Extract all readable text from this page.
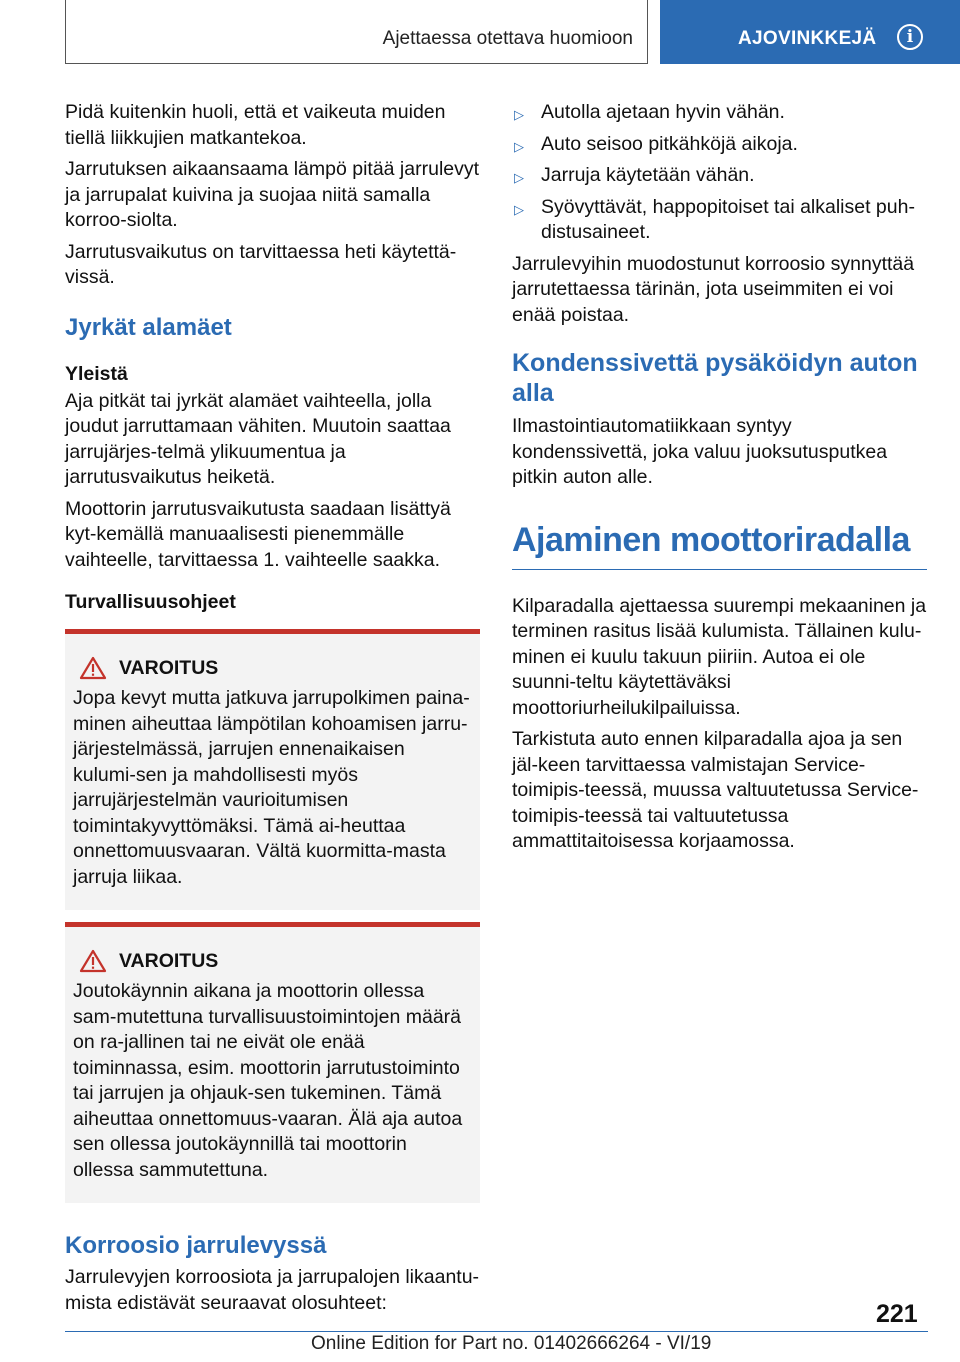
Ajettaessa otettava huomioon	AJOVINKKEJÄ	i

Pidä kuitenkin huoli, että et vaikeuta muiden tiellä liikkujien matkantekoa.

Jarrutuksen aikaansaama lämpö pitää jarrulevyt ja jarrupalat kuivina ja suojaa niitä samalla korroo-siolta.

Jarrutusvaikutus on tarvittaessa heti käytettä-vissä.

Jyrkät alamäet
Yleistä

Aja pitkät tai jyrkät alamäet vaihteella, jolla joudut jarruttamaan vähiten. Muutoin saattaa jarrujärjes-telmä ylikuumentua ja jarrutusvaikutus heiketä.

Moottorin jarrutusvaikutusta saadaan lisättyä kyt-kemällä manuaalisesti pienemmälle vaihteelle, tarvittaessa 1. vaihteelle saakka.

Turvallisuusohjeet
VAROITUS

Jopa kevyt mutta jatkuva jarrupolkimen paina-minen aiheuttaa lämpötilan kohoamisen jarru-järjestelmässä, jarrujen ennenaikaisen kulumi-sen ja mahdollisesti myös jarrujärjestelmän vaurioitumisen toimintakyvyttömäksi. Tämä ai-heuttaa onnettomuusvaaran. Vältä kuormitta-masta jarruja liikaa.

VAROITUS

Joutokäynnin aikana ja moottorin ollessa sam-mutettuna turvallisuustoimintojen määrä on ra-jallinen tai ne eivät ole enää toiminnassa, esim. moottorin jarrutustoiminto tai jarrujen ja ohjauk-sen tukeminen. Tämä aiheuttaa onnettomuus-vaaran. Älä aja autoa sen ollessa joutokäynnillä tai moottorin ollessa sammutettuna.

Korroosio jarrulevyssä

Jarrulevyjen korroosiota ja jarrupalojen likaantu-mista edistävät seuraavat olosuhteet:

▷ Autolla ajetaan hyvin vähän.
▷ Auto seisoo pitkähköjä aikoja.
▷ Jarruja käytetään vähän.
▷ Syövyttävät, happopitoiset tai alkaliset puh-distusaineet.

Jarrulevyihin muodostunut korroosio synnyttää jarrutettaessa tärinän, jota useimmiten ei voi enää poistaa.

Kondenssivettä pysäköidyn auton alla

Ilmastointiautomatiikkaan syntyy kondenssivettä, joka valuu juoksutusputkea pitkin auton alle.

Ajaminen moottoriradalla

Kilparadalla ajettaessa suurempi mekaaninen ja terminen rasitus lisää kulumista. Tällainen kulu-minen ei kuulu takuun piiriin. Autoa ei ole suunni-teltu käytettäväksi moottoriurheilukilpailuissa.

Tarkistuta auto ennen kilparadalla ajoa ja sen jäl-keen tarvittaessa valmistajan Service-toimipis-teessä, muussa valtuutetussa Service-toimipis-teessä tai valtuutetussa ammattitaitoisessa korjaamossa.

221
Online Edition for Part no. 01402666264 - VI/19
